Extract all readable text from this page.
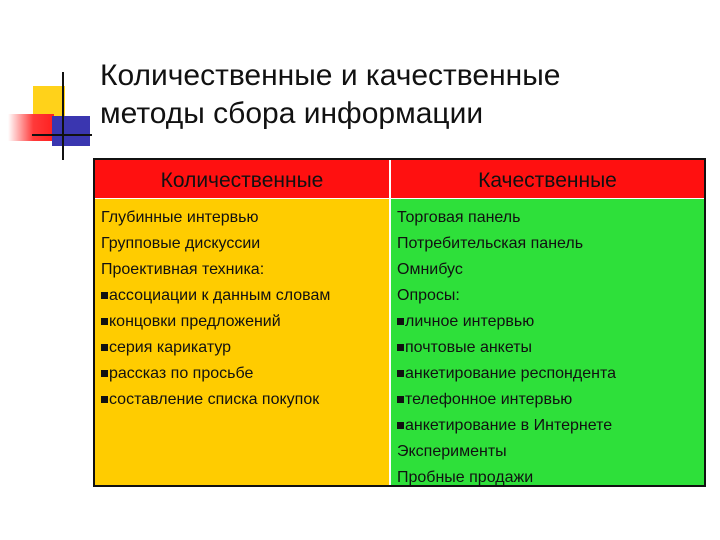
Количественные и качественные
методы сбора информации
Количественные	Качественные
Глубинные интервью
Групповые дискуссии
Проективная техника:
ассоциации к данным словам
концовки предложений
серия карикатур
рассказ по просьбе
составление списка покупок
Торговая панель
Потребительская панель
Омнибус
Опросы:
личное интервью
почтовые анкеты
анкетирование респондента
телефонное интервью
анкетирование в Интернете
Эксперименты
Пробные продажи
